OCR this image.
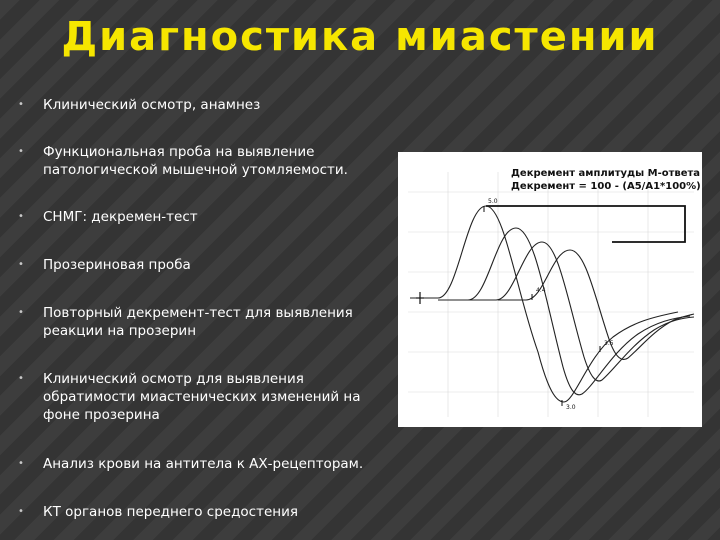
Диагностика миастении
• Клинический осмотр, анамнез
• Функциональная проба на выявление патологической мышечной утомляемости.
• СНМГ: декремен-тест
• Прозериновая проба
• Повторный декремент-тест для выявления реакции на прозерин
• Клинический осмотр для выявления обратимости миастенических изменений на фоне прозерина
• Анализ крови на антитела к АХ-рецепторам.
• КТ органов переднего средостения
Декремент амплитуды М-ответа
Декремент = 100 - (А5/А1*100%)
5.0
4.4
3.5
3.0
